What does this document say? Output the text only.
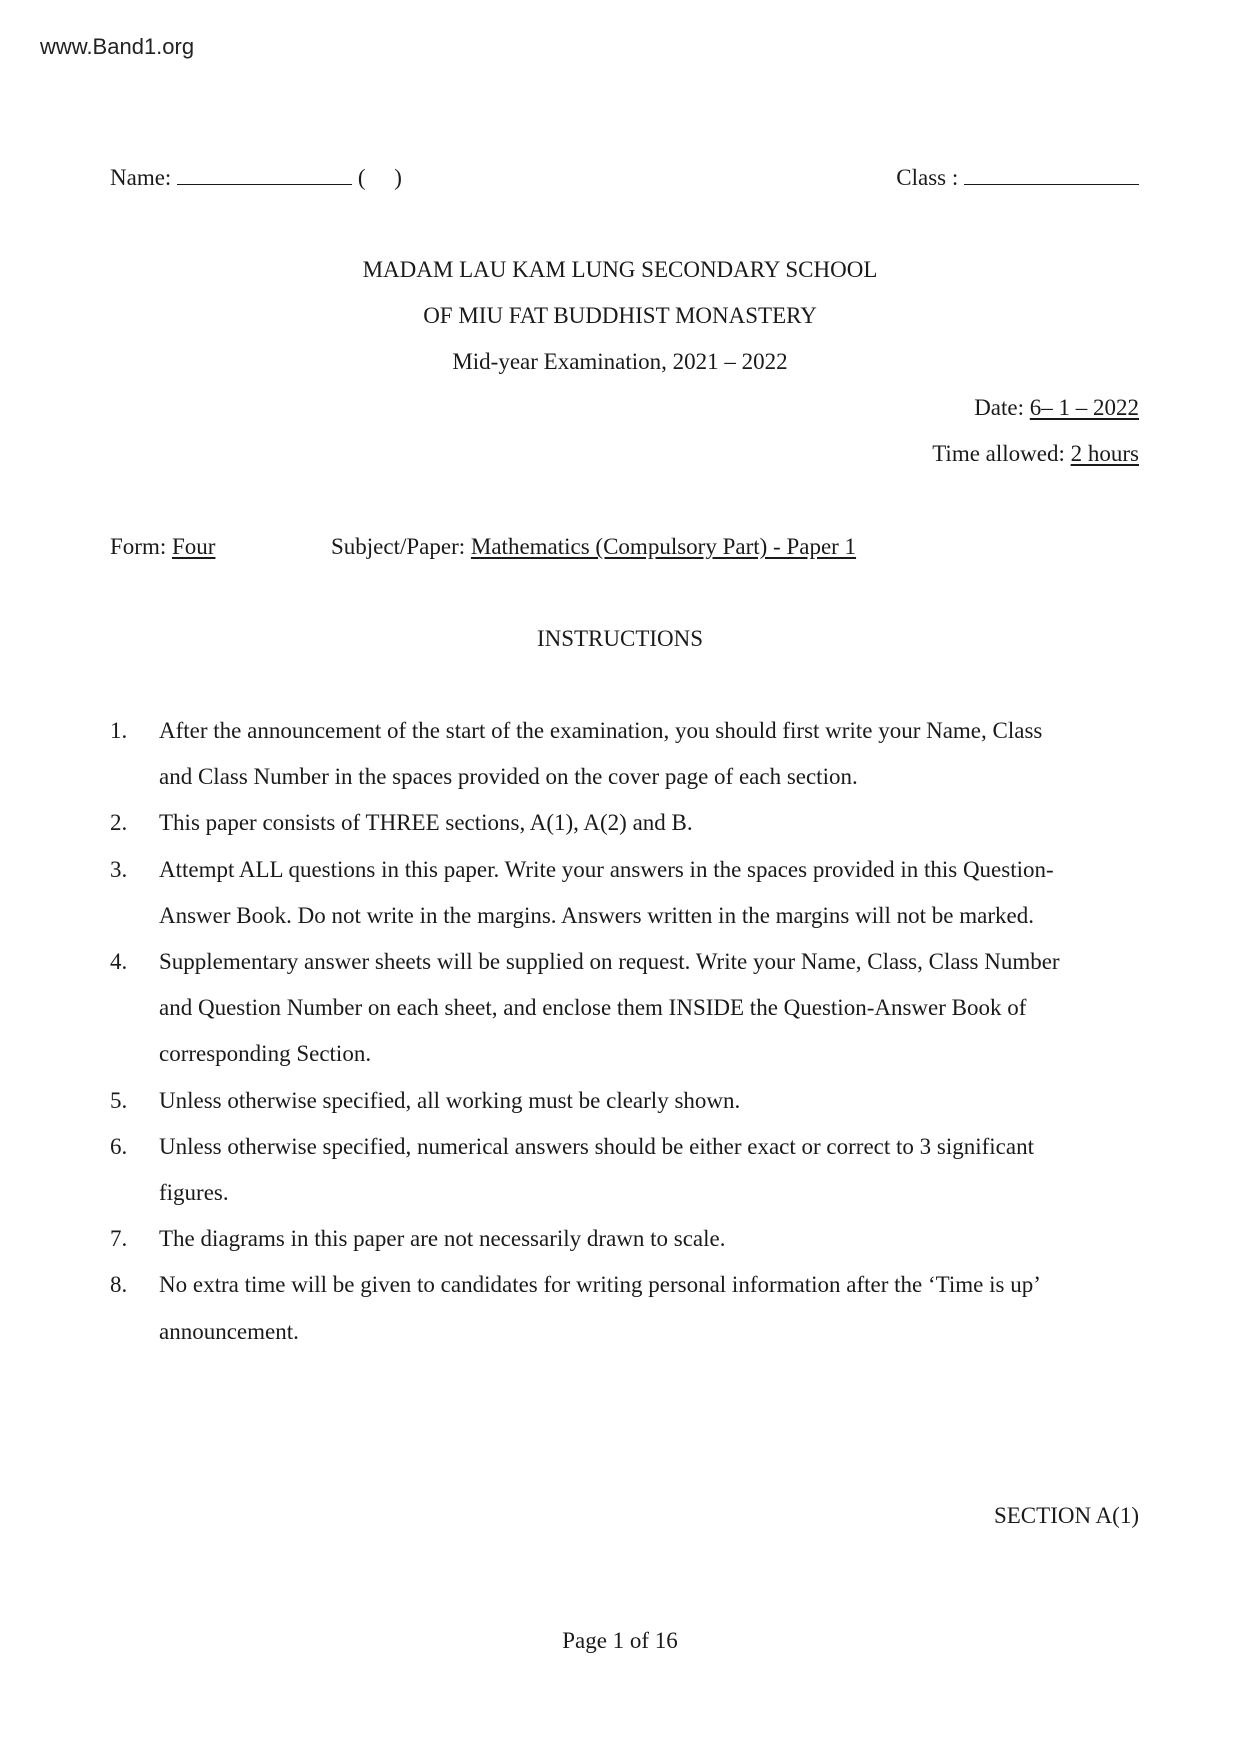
www.Band1.org
Name:	(     )	Class :
MADAM LAU KAM LUNG SECONDARY SCHOOL
OF MIU FAT BUDDHIST MONASTERY
Mid-year Examination, 2021 – 2022
Date: 6– 1 – 2022
Time allowed: 2 hours
Form: Four	Subject/Paper: Mathematics (Compulsory Part) - Paper 1
INSTRUCTIONS
1. After the announcement of the start of the examination, you should first write your Name, Class
and Class Number in the spaces provided on the cover page of each section.
2. This paper consists of THREE sections, A(1), A(2) and B.
3. Attempt ALL questions in this paper. Write your answers in the spaces provided in this Question-
Answer Book. Do not write in the margins. Answers written in the margins will not be marked.
4. Supplementary answer sheets will be supplied on request. Write your Name, Class, Class Number
and Question Number on each sheet, and enclose them INSIDE the Question-Answer Book of
corresponding Section.
5. Unless otherwise specified, all working must be clearly shown.
6. Unless otherwise specified, numerical answers should be either exact or correct to 3 significant
figures.
7. The diagrams in this paper are not necessarily drawn to scale.
8. No extra time will be given to candidates for writing personal information after the ‘Time is up’
announcement.
SECTION A(1)
Page 1 of 16
